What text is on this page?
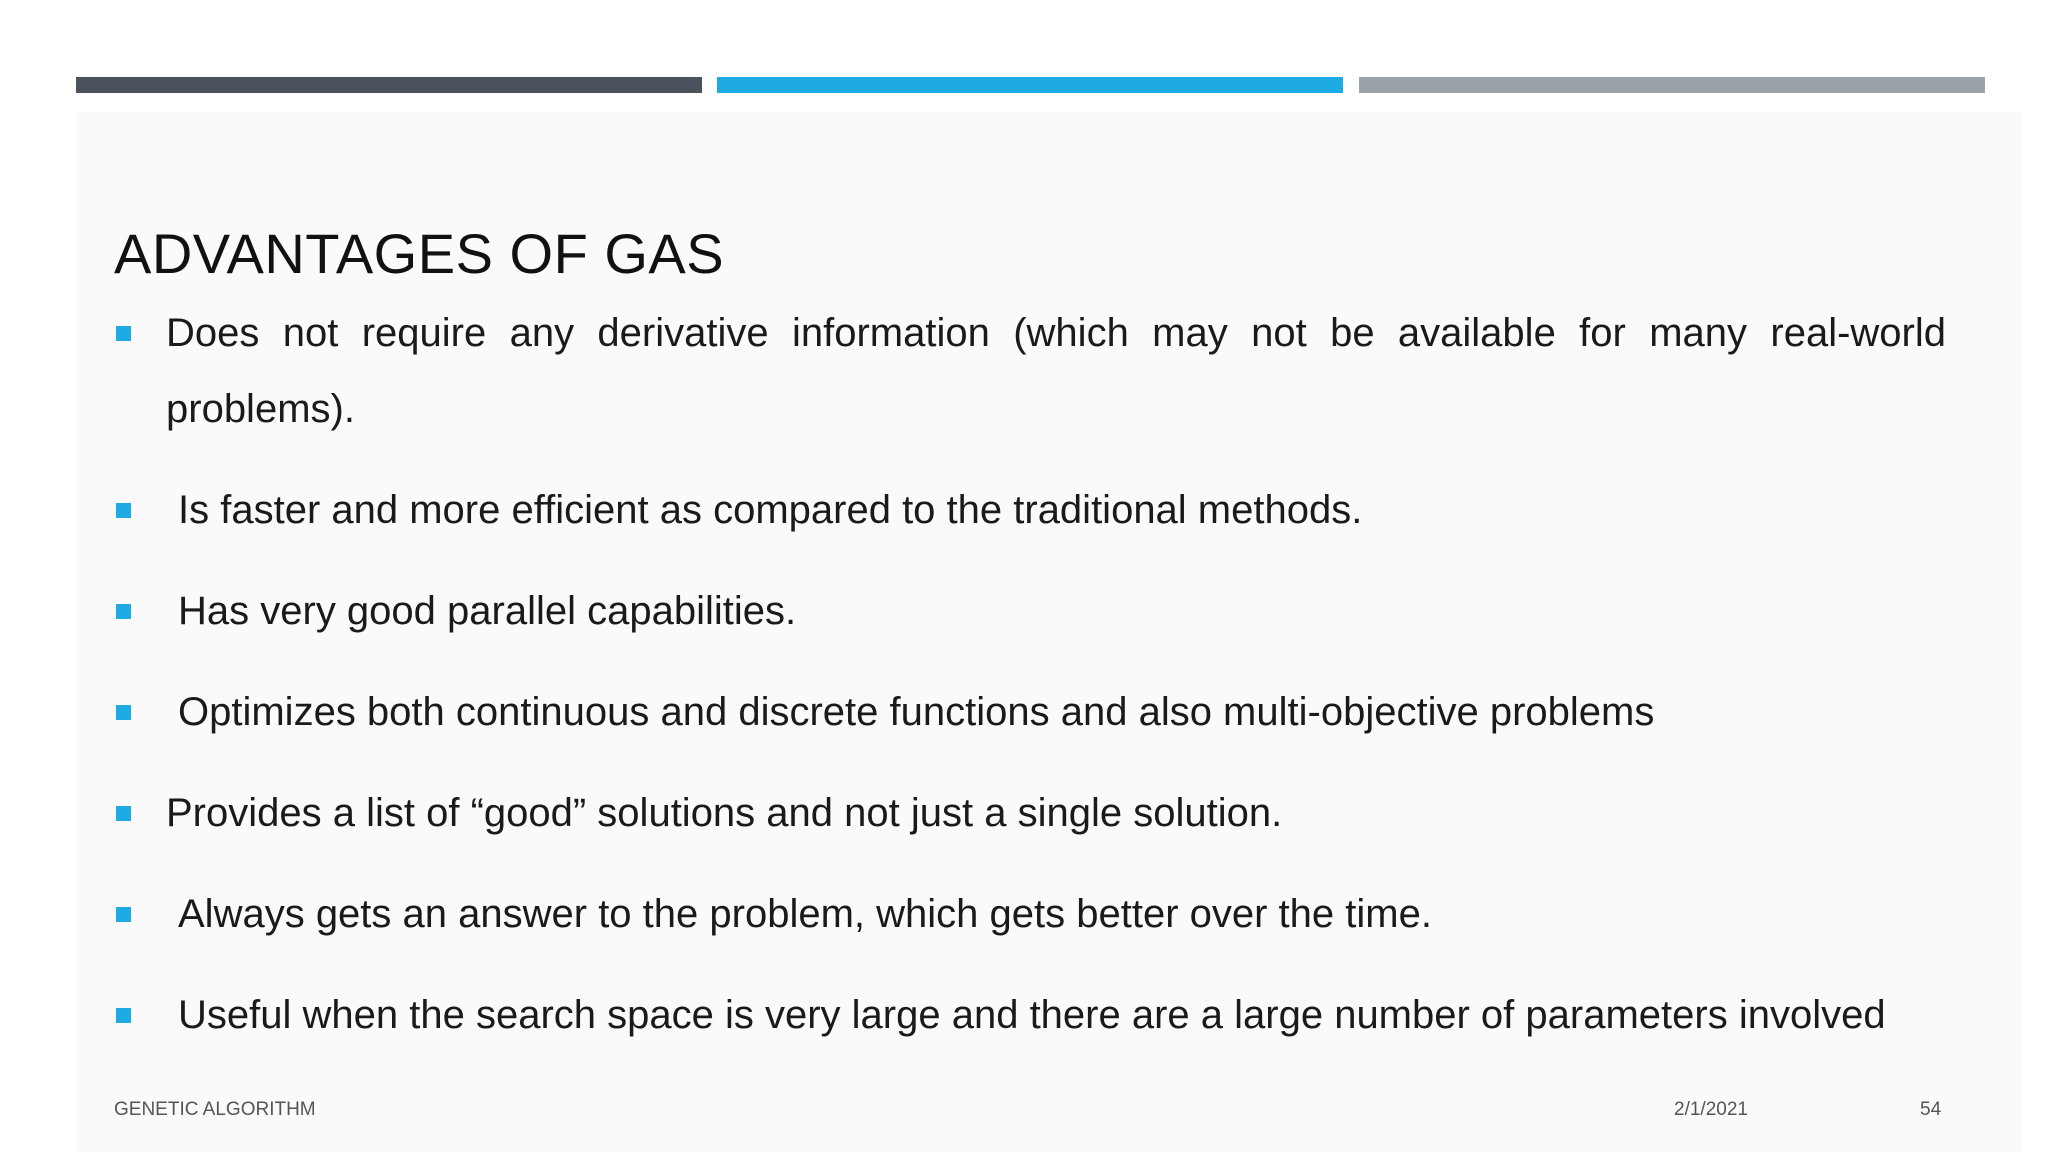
ADVANTAGES OF GAS
Does not require any derivative information (which may not be available for many real-world problems).
Is faster and more efficient as compared to the traditional methods.
Has very good parallel capabilities.
Optimizes both continuous and discrete functions and also multi-objective problems
Provides a list of “good” solutions and not just a single solution.
Always gets an answer to the problem, which gets better over the time.
Useful when the search space is very large and there are a large number of parameters involved
GENETIC ALGORITHM	2/1/2021	54
